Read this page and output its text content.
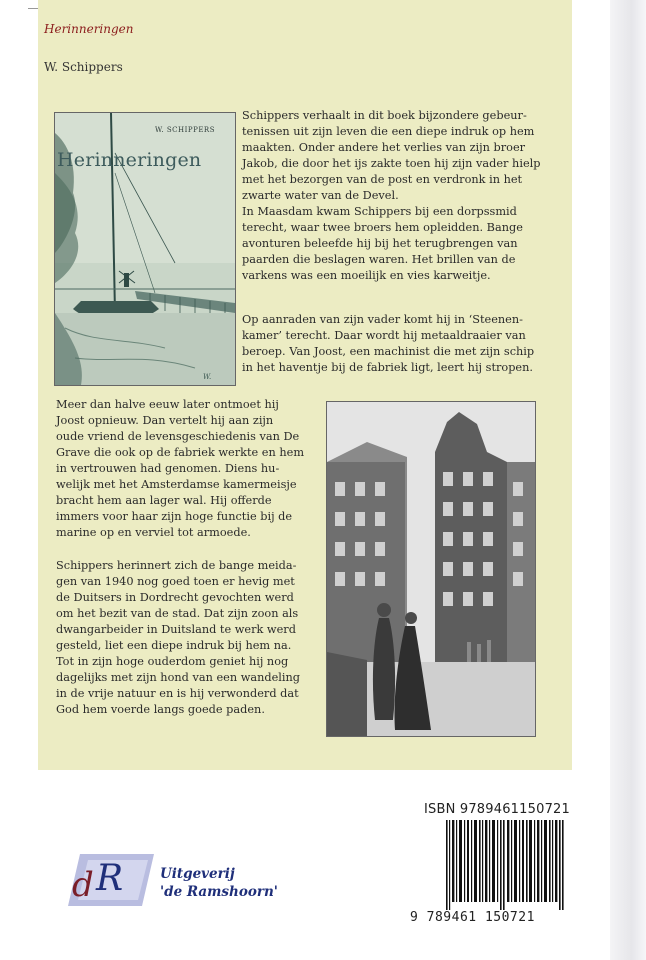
Herinneringen
W. Schippers
W.
W. SCHIPPERS
Herinneringen

Schippers verhaalt in dit boek bijzondere gebeur-
tenissen uit zijn leven die een diepe indruk op hem
maakten. Onder andere het verlies van zijn broer
Jakob, die door het ijs zakte toen hij zijn vader hielp
met het bezorgen van de post en verdronk in het
zwarte water van de Devel.
In Maasdam kwam Schippers bij een dorpssmid
terecht, waar twee broers hem opleidden. Bange
avonturen beleefde hij bij het terugbrengen van
paarden die beslagen waren. Het brillen van de
varkens was een moeilijk en vies karweitje.

Op aanraden van zijn vader komt hij in ‘Steenen-
kamer’ terecht. Daar wordt hij metaaldraaier van
beroep. Van Joost, een machinist die met zijn schip
in het haventje bij de fabriek ligt, leert hij stropen.

Meer dan halve eeuw later ontmoet hij
Joost opnieuw. Dan vertelt hij aan zijn
oude vriend de levensgeschiedenis van De
Grave die ook op de fabriek werkte en hem
in vertrouwen had genomen. Diens hu-
welijk met het Amsterdamse kamermeisje
bracht hem aan lager wal. Hij offerde
immers voor haar zijn hoge functie bij de
marine op en verviel tot armoede.

Schippers herinnert zich de bange meida-
gen van 1940 nog goed toen er hevig met
de Duitsers in Dordrecht gevochten werd
om het bezit van de stad. Dat zijn zoon als
dwangarbeider in Duitsland te werk werd
gesteld, liet een diepe indruk bij hem na.
Tot in zijn hoge ouderdom geniet hij nog
dagelijks met zijn hond van een wandeling
in de vrije natuur en is hij verwonderd dat
God hem voerde langs goede paden.

ISBN 9789461150721
9 789461 150721
d R	Uitgeverij
'de Ramshoorn'
